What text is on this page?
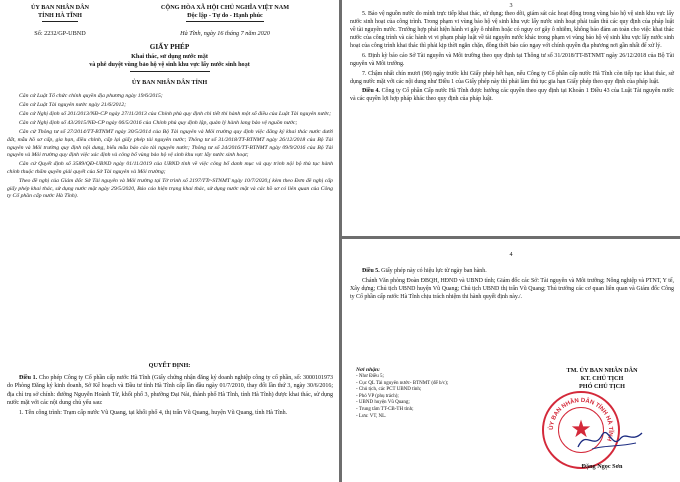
ỦY BAN NHÂN DÂN
TỈNH HÀ TĨNH
Số: 2232/GP-UBND
CỘNG HÒA XÃ HỘI CHỦ NGHĨA VIỆT NAM
Độc lập - Tự do - Hạnh phúc
Hà Tĩnh, ngày 16 tháng 7 năm 2020
GIẤY PHÉP
Khai thác, sử dụng nước mặt
và phê duyệt vùng bảo hộ vệ sinh khu vực lấy nước sinh hoạt
ỦY BAN NHÂN DÂN TỈNH

Căn cứ Luật Tổ chức chính quyền địa phương ngày 19/6/2015;

Căn cứ Luật Tài nguyên nước ngày 21/6/2012;

Căn cứ Nghị định số 201/2013/NĐ-CP ngày 27/11/2013 của Chính phủ quy định chi tiết thi hành một số điều của Luật Tài nguyên nước;

Căn cứ Nghị định số 43/2015/NĐ-CP ngày 06/5/2016 của Chính phủ quy định lập, quản lý hành lang bảo vệ nguồn nước;

Căn cứ Thông tư số 27/2014/TT-BTNMT ngày 30/5/2014 của Bộ Tài nguyên và Môi trường quy định việc đăng ký khai thác nước dưới đất, mẫu hồ sơ cấp, gia hạn, điều chỉnh, cấp lại giấy phép tài nguyên nước; Thông tư số 31/2018/TT-BTNMT ngày 26/12/2018 của Bộ Tài nguyên và Môi trường quy định nội dung, biểu mẫu báo cáo tài nguyên nước; Thông tư số 24/2016/TT-BTNMT ngày 09/9/2016 của Bộ Tài nguyên và Môi trường quy định việc xác định và công bố vùng bảo hộ vệ sinh khu vực lấy nước sinh hoạt;

Căn cứ Quyết định số 3589/QĐ-UBND ngày 01/11/2019 của UBND tỉnh về việc công bố danh mục và quy trình nội bộ thủ tục hành chính thuộc thẩm quyền giải quyết của Sở Tài nguyên và Môi trường;

Theo đề nghị của Giám đốc Sở Tài nguyên và Môi trường tại Tờ trình số 2197/TTr-STNMT ngày 10/7/2020,( kèm theo Đơn đề nghị cấp giấy phép khai thác, sử dụng nước mặt ngày 29/5/2020, Báo cáo hiện trạng khai thác, sử dụng nước mặt và các hồ sơ có liên quan của Công ty Cổ phần cấp nước Hà Tĩnh).

QUYẾT ĐỊNH:

Điều 1. Cho phép Công ty Cổ phần cấp nước Hà Tĩnh (Giấy chứng nhận đăng ký doanh nghiệp công ty cổ phần, số: 3000101973 do Phòng Đăng ký kinh doanh, Sở Kế hoạch và Đầu tư tỉnh Hà Tĩnh cấp lần đầu ngày 01/7/2010, thay đổi lần thứ 3, ngày 30/6/2016; địa chỉ trụ sở chính: đường Nguyễn Hoành Từ, khối phố 3, phường Đại Nài, thành phố Hà Tĩnh, tỉnh Hà Tĩnh) được khai thác, sử dụng nước mặt với các nội dung chủ yếu sau:

1. Tên công trình: Trạm cấp nước Vũ Quang, tại khối phố 4, thị trấn Vũ Quang, huyện Vũ Quang, tỉnh Hà Tĩnh.

3

5. Bảo vệ nguồn nước do mình trực tiếp khai thác, sử dụng; theo dõi, giám sát các hoạt động trong vùng bảo hộ vệ sinh khu vực lấy nước sinh hoạt của công trình. Trong phạm vi vùng bảo hộ vệ sinh khu vực lấy nước sinh hoạt phải tuân thủ các quy định của pháp luật về tài nguyên nước. Trường hợp phát hiện hành vi gây ô nhiễm hoặc có nguy cơ gây ô nhiễm, không bảo đảm an toàn cho việc khai thác nước của công trình và các hành vi vi phạm pháp luật về tài nguyên nước khác trong phạm vi vùng bảo hộ vệ sinh khu vực lấy nước sinh hoạt của công trình khai thác thì phải kịp thời ngăn chặn, đồng thời báo cáo ngay với chính quyền địa phương nơi gần nhất để xử lý.

6. Định kỳ báo cáo Sở Tài nguyên và Môi trường theo quy định tại Thông tư số 31/2018/TT-BTNMT ngày 26/12/2018 của Bộ Tài nguyên và Môi trường.

7. Chậm nhất chín mươi (90) ngày trước khi Giấy phép hết hạn, nếu Công ty Cổ phần cấp nước Hà Tĩnh còn tiếp tục khai thác, sử dụng nước mặt với các nội dung như Điều 1 của Giấy phép này thì phải làm thủ tục gia hạn Giấy phép theo quy định của pháp luật.

Điều 4. Công ty Cổ phần Cấp nước Hà Tĩnh được hưởng các quyền theo quy định tại Khoản 1 Điều 43 của Luật Tài nguyên nước và các quyền lợi hợp pháp khác theo quy định của pháp luật.

4

Điều 5. Giấy phép này có hiệu lực từ ngày ban hành.

Chánh Văn phòng Đoàn ĐBQH, HĐND và UBND tỉnh; Giám đốc các Sở: Tài nguyên và Môi trường; Nông nghiệp và PTNT, Y tế, Xây dựng; Chủ tịch UBND huyện Vũ Quang; Chủ tịch UBND thị trấn Vũ Quang; Thủ trưởng các cơ quan liên quan và Giám đốc Công ty Cổ phần cấp nước Hà Tĩnh chịu trách nhiệm thi hành quyết định này./.

Nơi nhận:
- Như Điều 5;
- Cục QL Tài nguyên nước- BTNMT (để b/c);
- Chủ tịch, các PCT UBND tỉnh;
- Phó VP (phụ trách);
- UBND huyện Vũ Quang;
- Trung tâm TT-CB-TH tỉnh;
- Lưu: VT, NL.
TM. ỦY BAN NHÂN DÂN
KT. CHỦ TỊCH
PHÓ CHỦ TỊCH
ỦY BAN NHÂN DÂN TỈNH HÀ TĨNH
★
Đặng Ngọc Sơn
